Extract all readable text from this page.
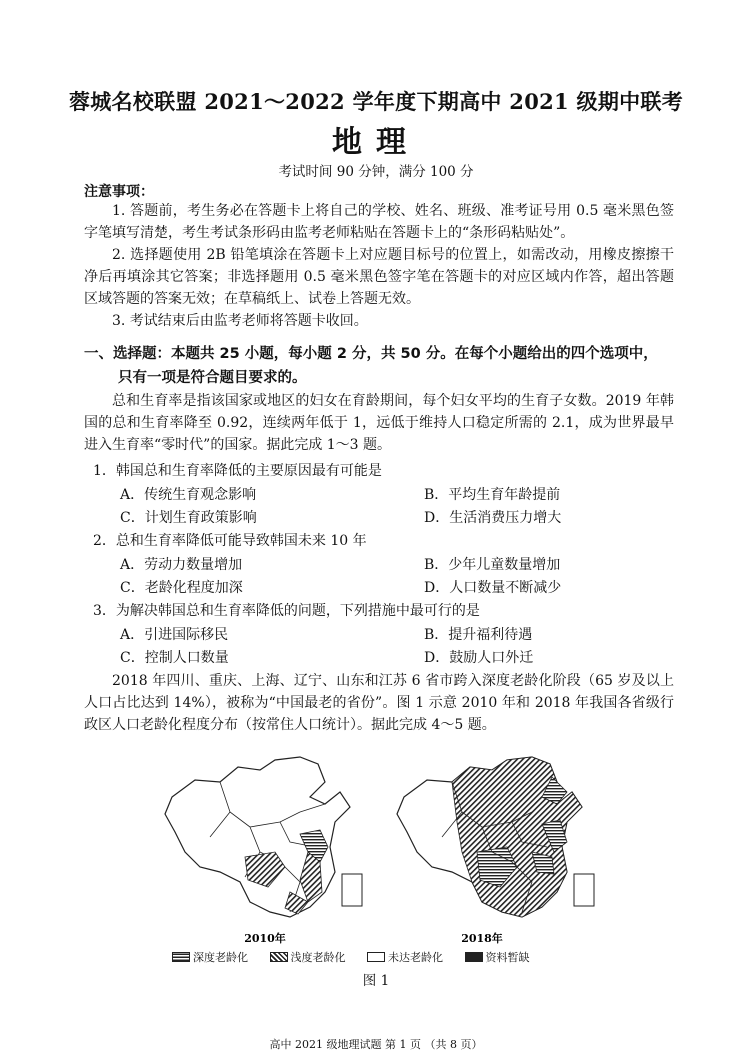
蓉城名校联盟 2021～2022 学年度下期高中 2021 级期中联考
地理
考试时间 90 分钟，满分 100 分
注意事项：
1. 答题前，考生务必在答题卡上将自己的学校、姓名、班级、准考证号用 0.5 毫米黑色签字笔填写清楚，考生考试条形码由监考老师粘贴在答题卡上的“条形码粘贴处”。
2. 选择题使用 2B 铅笔填涂在答题卡上对应题目标号的位置上，如需改动，用橡皮擦擦干净后再填涂其它答案；非选择题用 0.5 毫米黑色签字笔在答题卡的对应区域内作答，超出答题区域答题的答案无效；在草稿纸上、试卷上答题无效。
3. 考试结束后由监考老师将答题卡收回。
一、选择题：本题共 25 小题，每小题 2 分，共 50 分。在每个小题给出的四个选项中，
只有一项是符合题目要求的。
总和生育率是指该国家或地区的妇女在育龄期间，每个妇女平均的生育子女数。2019 年韩国的总和生育率降至 0.92，连续两年低于 1，远低于维持人口稳定所需的 2.1，成为世界最早进入生育率“零时代”的国家。据此完成 1～3 题。
1．韩国总和生育率降低的主要原因最有可能是
A．传统生育观念影响	B．平均生育年龄提前
C．计划生育政策影响	D．生活消费压力增大
2．总和生育率降低可能导致韩国未来 10 年
A．劳动力数量增加	B．少年儿童数量增加
C．老龄化程度加深	D．人口数量不断减少
3．为解决韩国总和生育率降低的问题，下列措施中最可行的是
A．引进国际移民	B．提升福利待遇
C．控制人口数量	D．鼓励人口外迁
2018 年四川、重庆、上海、辽宁、山东和江苏 6 省市跨入深度老龄化阶段（65 岁及以上人口占比达到 14%），被称为“中国最老的省份”。图 1 示意 2010 年和 2018 年我国各省级行政区人口老龄化程度分布（按常住人口统计）。据此完成 4～5 题。
2010年	2018年
深度老龄化
	浅度老龄化
	未达老龄化
	资料暂缺
图 1
高中 2021 级地理试题 第 1 页 （共 8 页）
